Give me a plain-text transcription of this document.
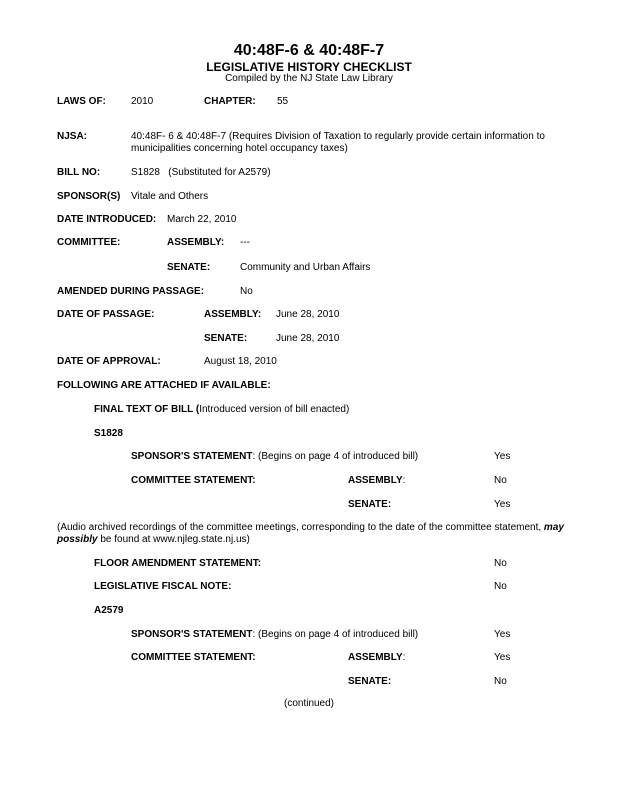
40:48F-6 & 40:48F-7
LEGISLATIVE HISTORY CHECKLIST
Compiled by the NJ State Law Library
LAWS OF:	2010	CHAPTER: 55
NJSA:	40:48F- 6 & 40:48F-7 (Requires Division of Taxation to regularly provide certain information to municipalities concerning hotel occupancy taxes)
BILL NO:	S1828   (Substituted for A2579)
SPONSOR(S) Vitale and Others
DATE INTRODUCED: March 22, 2010
COMMITTEE:	ASSEMBLY: ---
SENATE:	Community and Urban Affairs
AMENDED DURING PASSAGE:	No
DATE OF PASSAGE:	ASSEMBLY: June 28, 2010
SENATE:	June 28, 2010
DATE OF APPROVAL:	August 18, 2010
FOLLOWING ARE ATTACHED IF AVAILABLE:
FINAL TEXT OF BILL (Introduced version of bill enacted)
S1828
SPONSOR'S STATEMENT: (Begins on page 4 of introduced bill)	Yes
COMMITTEE STATEMENT:	ASSEMBLY:	No
SENATE:	Yes
(Audio archived recordings of the committee meetings, corresponding to the date of the committee statement, may possibly be found at www.njleg.state.nj.us)
FLOOR AMENDMENT STATEMENT:	No
LEGISLATIVE FISCAL NOTE:	No
A2579
SPONSOR'S STATEMENT: (Begins on page 4 of introduced bill)	Yes
COMMITTEE STATEMENT:	ASSEMBLY:	Yes
SENATE:	No
(continued)
